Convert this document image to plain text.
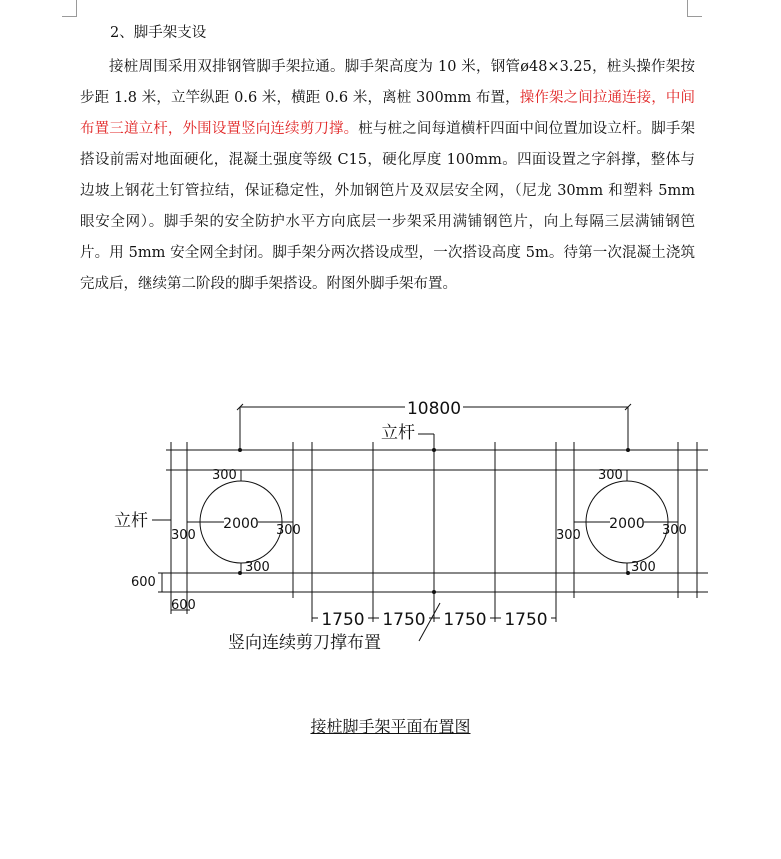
2、脚手架支设

接桩周围采用双排钢管脚手架拉通。脚手架高度为 10 米，钢管ø48×3.25，桩头操作架按步距 1.8 米，立竿纵距 0.6 米，横距 0.6 米，离桩 300mm 布置，操作架之间拉通连接，中间布置三道立杆，外围设置竖向连续剪刀撑。桩与桩之间每道横杆四面中间位置加设立杆。脚手架搭设前需对地面硬化，混凝土强度等级 C15，硬化厚度 100mm。四面设置之字斜撑，整体与边坡上钢花土钉管拉结，保证稳定性，外加钢笆片及双层安全网，（尼龙 30mm 和塑料 5mm 眼安全网）。脚手架的安全防护水平方向底层一步架采用满铺钢笆片，向上每隔三层满铺钢笆片。用 5mm 安全网全封闭。脚手架分两次搭设成型，一次搭设高度 5m。待第一次混凝土浇筑完成后，继续第二阶段的脚手架搭设。附图外脚手架布置。

10800
立杆
2000
300
300
300	300	2000
300
300
300	300
立杆
600
600
1750 1750 1750 1750
竖向连续剪刀撑布置
接桩脚手架平面布置图
